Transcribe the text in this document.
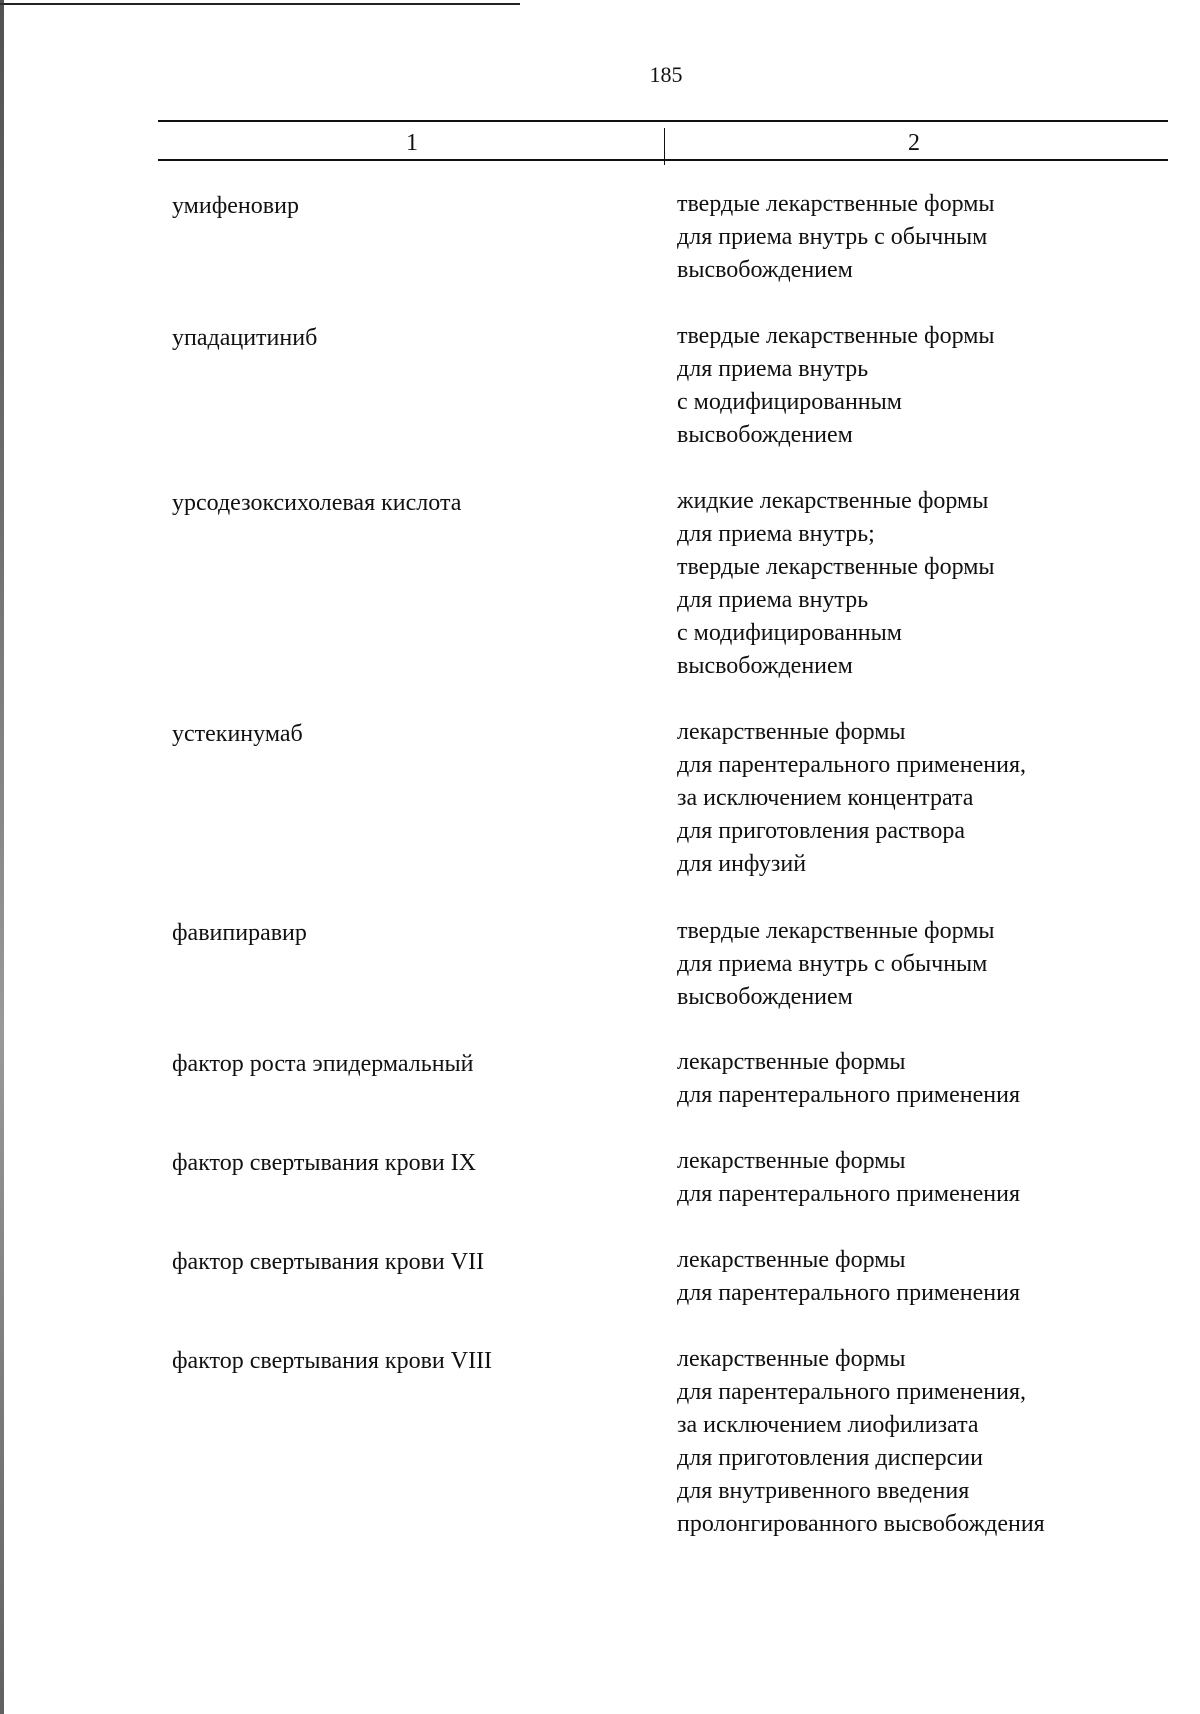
185
1	2
умифеновир	твердые лекарственные формы
для приема внутрь с обычным
высвобождением
упадацитиниб	твердые лекарственные формы
для приема внутрь
с модифицированным
высвобождением
урсодезоксихолевая кислота	жидкие лекарственные формы
для приема внутрь;
твердые лекарственные формы
для приема внутрь
с модифицированным
высвобождением
устекинумаб	лекарственные формы
для парентерального применения,
за исключением концентрата
для приготовления раствора
для инфузий
фавипиравир	твердые лекарственные формы
для приема внутрь с обычным
высвобождением
фактор роста эпидермальный	лекарственные формы
для парентерального применения
фактор свертывания крови IX	лекарственные формы
для парентерального применения
фактор свертывания крови VII	лекарственные формы
для парентерального применения
фактор свертывания крови VIII	лекарственные формы
для парентерального применения,
за исключением лиофилизата
для приготовления дисперсии
для внутривенного введения
пролонгированного высвобождения
